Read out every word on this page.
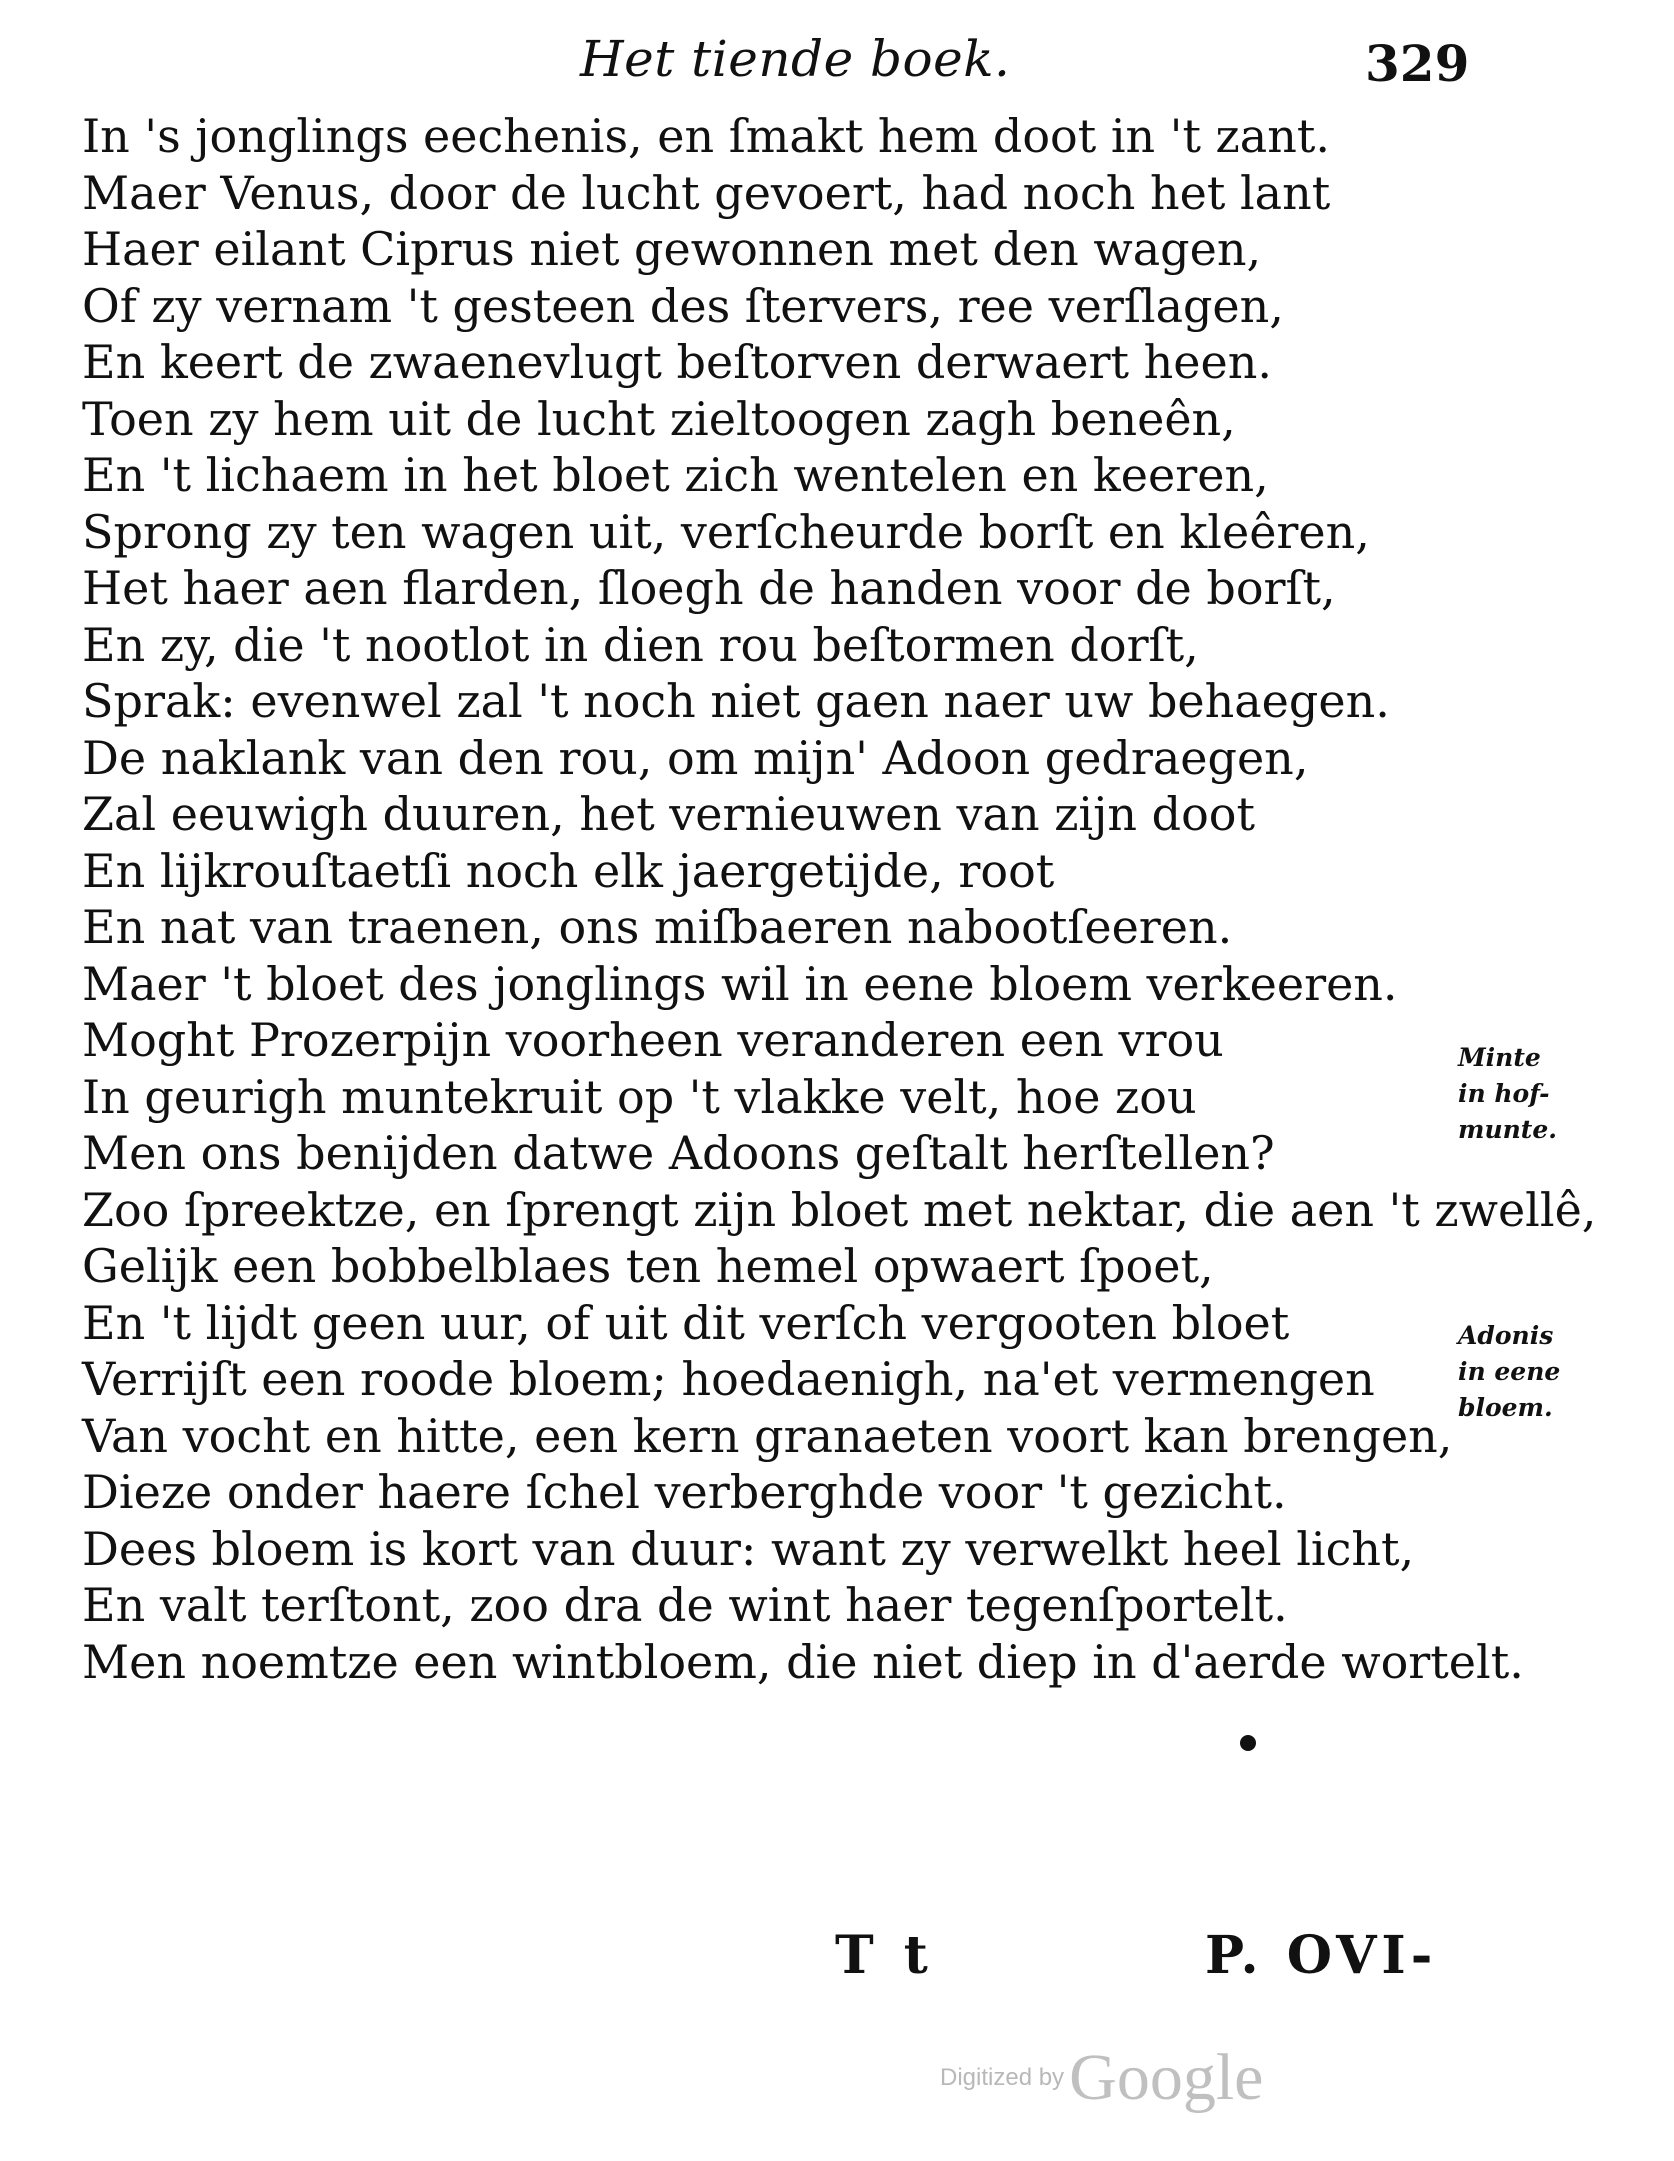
Het tiende boek.	329
In 's jonglings eechenis, en ſmakt hem doot in 't zant.
Maer Venus, door de lucht gevoert, had noch het lant
Haer eilant Ciprus niet gewonnen met den wagen,
Of zy vernam 't gesteen des ſtervers, ree verſlagen,
En keert de zwaenevlugt beſtorven derwaert heen.
Toen zy hem uit de lucht zieltoogen zagh beneên,
En 't lichaem in het bloet zich wentelen en keeren,
Sprong zy ten wagen uit, verſcheurde borſt en kleêren,
Het haer aen flarden, ſloegh de handen voor de borſt,
En zy, die 't nootlot in dien rou beſtormen dorſt,
Sprak: evenwel zal 't noch niet gaen naer uw behaegen.
De naklank van den rou, om mijn' Adoon gedraegen,
Zal eeuwigh duuren, het vernieuwen van zijn doot
En lijkrouſtaetſi noch elk jaergetijde, root
En nat van traenen, ons miſbaeren nabootſeeren.
Maer 't bloet des jonglings wil in eene bloem verkeeren.
Moght Prozerpijn voorheen veranderen een vrou
In geurigh muntekruit op 't vlakke velt, hoe zou
Men ons benijden datwe Adoons geſtalt herſtellen?
Zoo ſpreektze, en ſprengt zijn bloet met nektar, die aen 't zwellê,
Gelijk een bobbelblaes ten hemel opwaert ſpoet,
En 't lijdt geen uur, of uit dit verſch vergooten bloet
Verrijſt een roode bloem; hoedaenigh, na'et vermengen
Van vocht en hitte, een kern granaeten voort kan brengen,
Dieze onder haere ſchel verberghde voor 't gezicht.
Dees bloem is kort van duur: want zy verwelkt heel licht,
En valt terſtont, zoo dra de wint haer tegenſportelt.
Men noemtze een wintbloem, die niet diep in d'aerde wortelt.
Minte
in hof-
munte.
Adonis
in eene
bloem.
T t	P. OVI-
Digitized by Google
